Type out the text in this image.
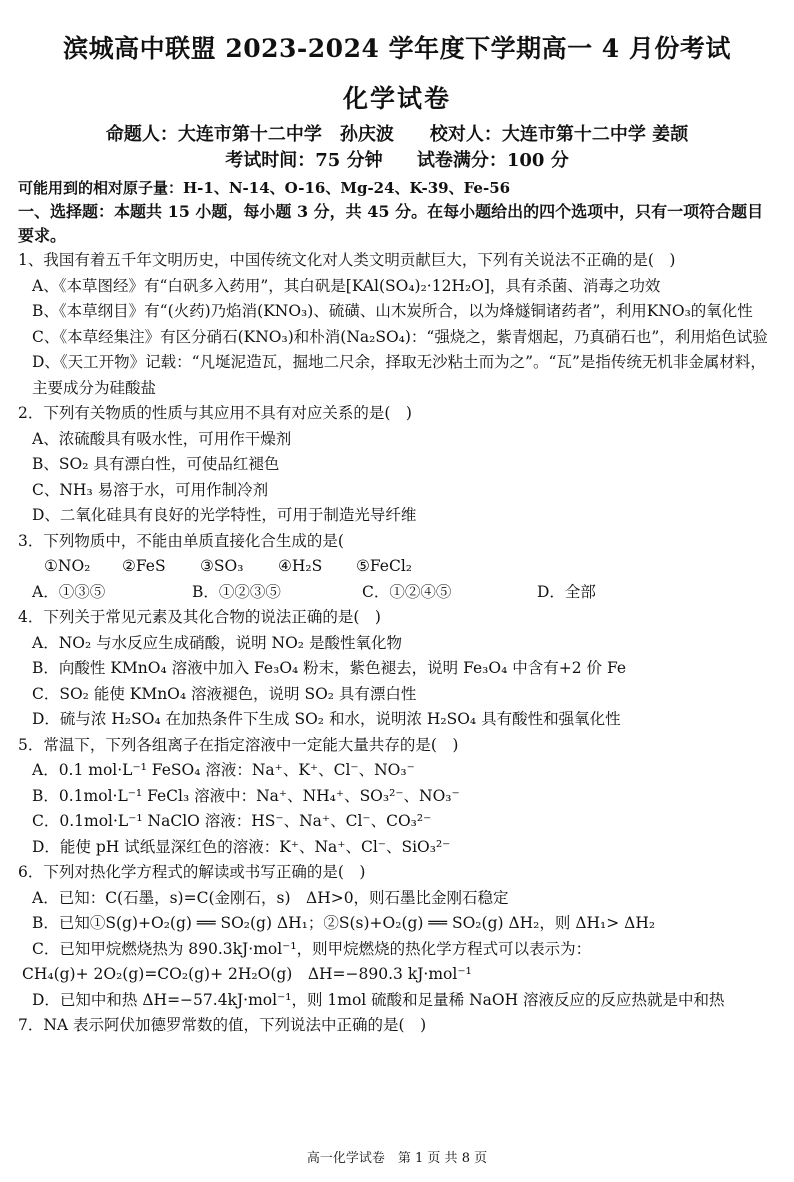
滨城高中联盟 2023-2024 学年度下学期高一 4 月份考试
化学试卷
命题人：大连市第十二中学　孙庆波　　校对人：大连市第十二中学 姜颉
考试时间：75 分钟 试卷满分：100 分
可能用到的相对原子量：H-1、N-14、O-16、Mg-24、K-39、Fe-56
一、选择题：本题共 15 小题，每小题 3 分，共 45 分。在每小题给出的四个选项中，只有一项符合题目要求。
1、我国有着五千年文明历史，中国传统文化对人类文明贡献巨大，下列有关说法不正确的是(　)
A、《本草图经》有“白矾多入药用”，其白矾是[KAl(SO₄)₂·12H₂O]，具有杀菌、消毒之功效
B、《本草纲目》有“(火药)乃焰消(KNO₃)、硫磺、山木炭所合，以为烽燧铜诸药者”，利用KNO₃的氧化性
C、《本草经集注》有区分硝石(KNO₃)和朴消(Na₂SO₄)：“强烧之，紫青烟起，乃真硝石也”，利用焰色试验
D、《天工开物》记载：“凡埏泥造瓦，掘地二尺余，择取无沙粘土而为之”。“瓦”是指传统无机非金属材料，主要成分为硅酸盐
2．下列有关物质的性质与其应用不具有对应关系的是(　)
A、浓硫酸具有吸水性，可用作干燥剂
B、SO₂ 具有漂白性，可使品红褪色
C、NH₃ 易溶于水，可用作制冷剂
D、二氧化硅具有良好的光学特性，可用于制造光导纤维
3．下列物质中，不能由单质直接化合生成的是(
①NO₂	②FeS	③SO₃	④H₂S	⑤FeCl₂
A．①③⑤	B．①②③⑤	C．①②④⑤	D．全部
4．下列关于常见元素及其化合物的说法正确的是(　)
A．NO₂ 与水反应生成硝酸，说明 NO₂ 是酸性氧化物
B．向酸性 KMnO₄ 溶液中加入 Fe₃O₄ 粉末，紫色褪去，说明 Fe₃O₄ 中含有+2 价 Fe
C．SO₂ 能使 KMnO₄ 溶液褪色，说明 SO₂ 具有漂白性
D．硫与浓 H₂SO₄ 在加热条件下生成 SO₂ 和水，说明浓 H₂SO₄ 具有酸性和强氧化性
5．常温下，下列各组离子在指定溶液中一定能大量共存的是(　)
A．0.1 mol·L⁻¹ FeSO₄ 溶液：Na⁺、K⁺、Cl⁻、NO₃⁻
B．0.1mol·L⁻¹ FeCl₃ 溶液中：Na⁺、NH₄⁺、SO₃²⁻、NO₃⁻
C．0.1mol·L⁻¹ NaClO 溶液：HS⁻、Na⁺、Cl⁻、CO₃²⁻
D．能使 pH 试纸显深红色的溶液：K⁺、Na⁺、Cl⁻、SiO₃²⁻
6．下列对热化学方程式的解读或书写正确的是(　)
A．已知：C(石墨，s)=C(金刚石，s)　ΔH>0，则石墨比金刚石稳定
B．已知①S(g)+O₂(g) ══ SO₂(g) ΔH₁；②S(s)+O₂(g) ══ SO₂(g) ΔH₂，则 ΔH₁> ΔH₂
C．已知甲烷燃烧热为 890.3kJ·mol⁻¹，则甲烷燃烧的热化学方程式可以表示为：
CH₄(g)+ 2O₂(g)=CO₂(g)+ 2H₂O(g)　ΔH=−890.3 kJ·mol⁻¹
D．已知中和热 ΔH=−57.4kJ·mol⁻¹，则 1mol 硫酸和足量稀 NaOH 溶液反应的反应热就是中和热
7．NA 表示阿伏加德罗常数的值，下列说法中正确的是(　)
高一化学试卷　第 1 页 共 8 页
